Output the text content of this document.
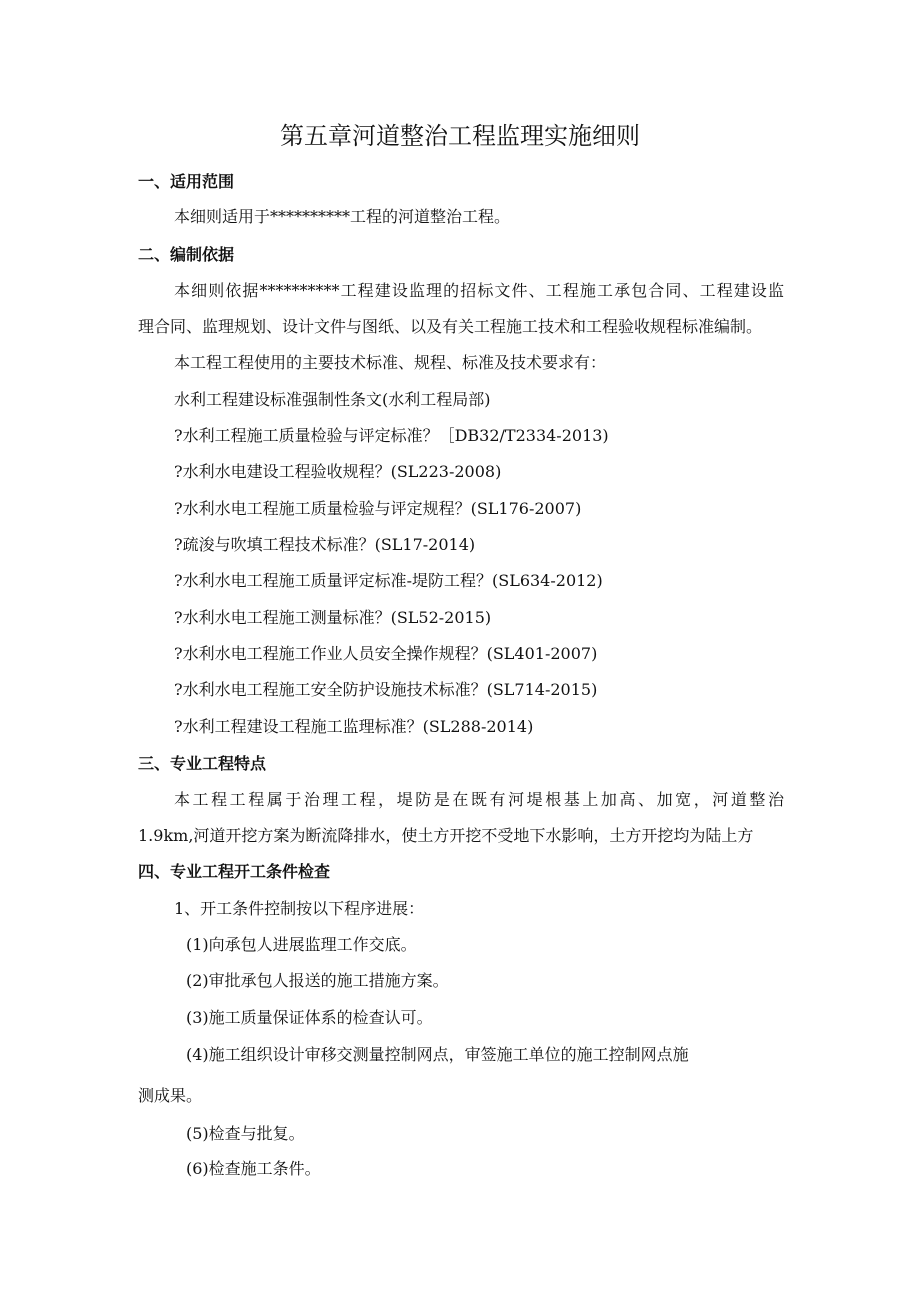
第五章河道整治工程监理实施细则
一、适用范围
本细则适用于**********工程的河道整治工程。
二、编制依据
本细则依据**********工程建设监理的招标文件、工程施工承包合同、工程建设监
理合同、监理规划、设计文件与图纸、以及有关工程施工技术和工程验收规程标准编制。
本工程工程使用的主要技术标准、规程、标准及技术要求有：
水利工程建设标准强制性条文(水利工程局部)
?水利工程施工质量检验与评定标准？［DB32/T2334-2013)
?水利水电建设工程验收规程？(SL223-2008)
?水利水电工程施工质量检验与评定规程？(SL176-2007)
?疏浚与吹填工程技术标准？(SL17-2014)
?水利水电工程施工质量评定标准-堤防工程？(SL634-2012)
?水利水电工程施工测量标准？(SL52-2015)
?水利水电工程施工作业人员安全操作规程？(SL401-2007)
?水利水电工程施工安全防护设施技术标准？(SL714-2015)
?水利工程建设工程施工监理标准？(SL288-2014)
三、专业工程特点
本工程工程属于治理工程，堤防是在既有河堤根基上加高、加宽，河道整治
1.9km,河道开挖方案为断流降排水，使土方开挖不受地下水影响，土方开挖均为陆上方
四、专业工程开工条件检查
1、开工条件控制按以下程序进展：
(1)向承包人进展监理工作交底。
(2)审批承包人报送的施工措施方案。
(3)施工质量保证体系的检查认可。
(4)施工组织设计审移交测量控制网点，审签施工单位的施工控制网点施
测成果。
(5)检查与批复。
(6)检查施工条件。
